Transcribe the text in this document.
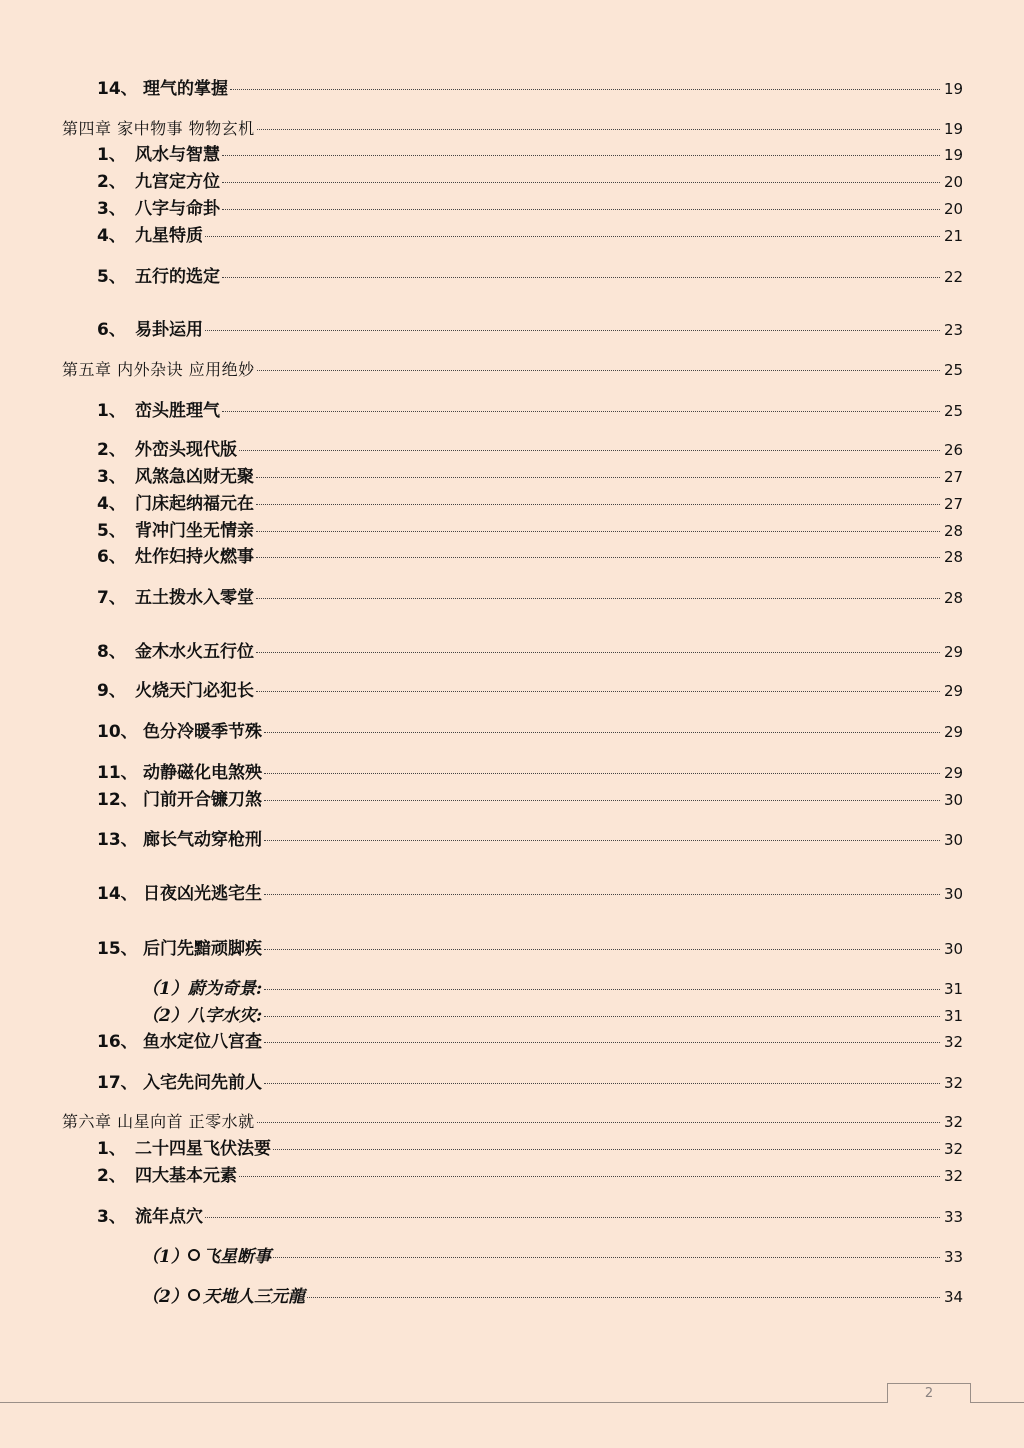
14、 理气的掌握	19
第四章 家中物事 物物玄机	19
1、 风水与智慧	19
2、 九宫定方位	20
3、 八字与命卦	20
4、 九星特质	21
5、 五行的选定	22
6、 易卦运用	23
第五章 内外杂诀 应用绝妙	25
1、 峦头胜理气	25
2、 外峦头现代版	26
3、 风煞急凶财无聚	27
4、 门床起纳福元在	27
5、 背冲门坐无情亲	28
6、 灶作妇持火燃事	28
7、 五土拨水入零堂	28
8、 金木水火五行位	29
9、 火烧天门必犯长	29
10、 色分冷暖季节殊	29
11、 动静磁化电煞殃	29
12、 门前开合镰刀煞	30
13、 廊长气动穿枪刑	30
14、 日夜凶光逃宅生	30
15、 后门先黯顽脚疾	30
（1） 蔚为奇景:	31
（2） 八字水灾:	31
16、 鱼水定位八宫查	32
17、 入宅先问先前人	32
第六章 山星向首 正零水就	32
1、 二十四星飞伏法要	32
2、 四大基本元素	32
3、 流年点穴	33
（1） 飞星断事	33
（2） 天地人三元龍	34
2
